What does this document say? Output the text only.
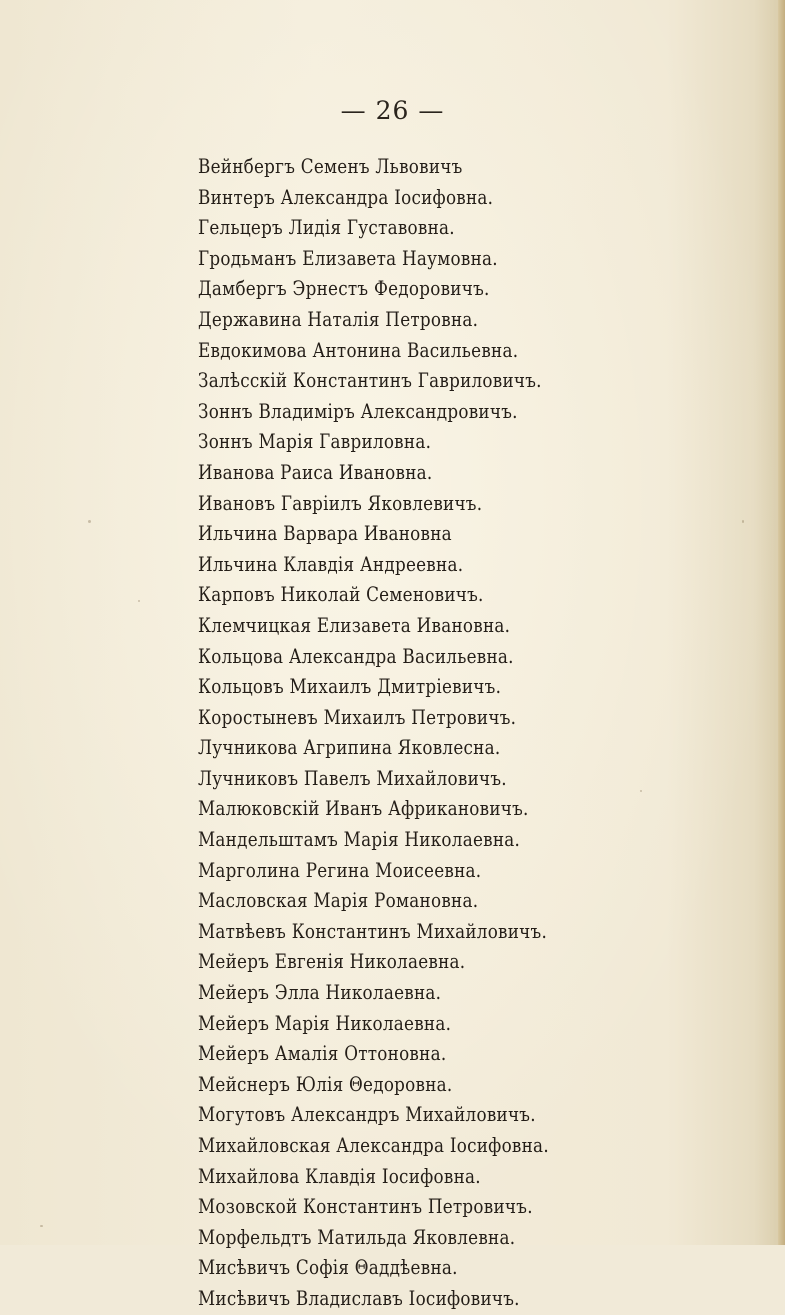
— 26 —
Вейнбергъ Семенъ Львовичъ
Винтеръ Александра Іосифовна.
Гельцеръ Лидія Густавовна.
Гродьманъ Елизавета Наумовна.
Дамбергъ Эрнестъ Федоровичъ.
Державина Наталія Петровна.
Евдокимова Антонина Васильевна.
Залѣсскій Константинъ Гавриловичъ.
Зоннъ Владиміръ Александровичъ.
Зоннъ Марія Гавриловна.
Иванова Раиса Ивановна.
Ивановъ Гавріилъ Яковлевичъ.
Ильчина Варвара Ивановна
Ильчина Клавдія Андреевна.
Карповъ Николай Семеновичъ.
Клемчицкая Елизавета Ивановна.
Кольцова Александра Васильевна.
Кольцовъ Михаилъ Дмитріевичъ.
Коростыневъ Михаилъ Петровичъ.
Лучникова Агрипина Яковлесна.
Лучниковъ Павелъ Михайловичъ.
Малюковскій Иванъ Африкановичъ.
Мандельштамъ Марія Николаевна.
Марголина Регина Моисеевна.
Масловская Марія Романовна.
Матвѣевъ Константинъ Михайловичъ.
Мейеръ Евгенія Николаевна.
Мейеръ Элла Николаевна.
Мейеръ Марія Николаевна.
Мейеръ Амалія Оттоновна.
Мейснеръ Юлія Θедоровна.
Могутовъ Александръ Михайловичъ.
Михайловская Александра Іосифовна.
Михайлова Клавдія Іосифовна.
Мозовской Константинъ Петровичъ.
Морфельдтъ Матильда Яковлевна.
Мисѣвичъ Софія Θаддѣевна.
Мисѣвичъ Владиславъ Іосифовичъ.
